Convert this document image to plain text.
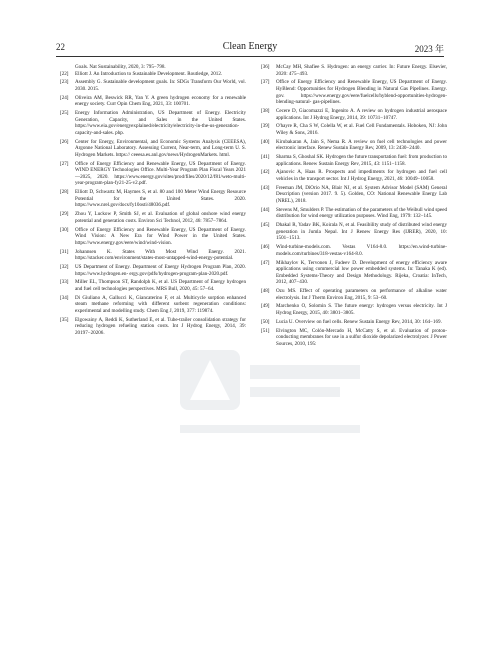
22	Clean Energy	2023 年
Goals. Nat Sustainability, 2020, 3: 795−798.
[22]	Elliott J. An Introduction to Sustainable Development. Routledge, 2012.
[23]	Assembly G. Sustainable development goals. In: SDGs Transform Our World, vol. 2030. 2015.
[24]	Oliveira AM, Beswick RR, Yan Y. A green hydrogen economy for a renewable energy society. Curr Opin Chem Eng, 2021, 33: 100701.
[25]	Energy Information Administration, US Department of Energy. Electricity Generation, Capacity, and Sales in the United States. https://www.eia.gov/energyexplained/electricity/electricity-in-the-us-generation-capacity-and-sales. php.
[26]	Center for Energy, Environmental, and Economic Systems Analysis (CEEESA), Argonne National Laboratory. Assessing Current, Near-term, and Long-term U. S. Hydrogen Markets. https:// ceeesa.es.anl.gov/news/HydrogenMarkets. html.
[27]	Office of Energy Efficiency and Renewable Energy, US Department of Energy. WIND ENERGY Technologies Office. Multi-Year Program Plan Fiscal Years 2021—2025, 2020. https://www.energy.gov/sites/prod/files/2020/12/f81/weto-multi-year-program-plan-fy21-25-v2.pdf.
[28]	Elliott D, Schwartz M, Haymes S, et al. 80 and 100 Meter Wind Energy Resource Potential for the United States. 2020. https://www.nrel.gov/docs/fy10osti/48036.pdf.
[29]	Zhou Y, Luckow P, Smith SJ, et al. Evaluation of global onshore wind energy potential and generation costs. Environ Sci Technol, 2012, 46: 7857−7864.
[30]	Office of Energy Efficiency and Renewable Energy, US Department of Energy. Wind Vision: A New Era for Wind Power in the United States. https://www.energy.gov/eere/wind/wind-vision.
[31]	Johannsen K. States With Most Wind Energy. 2021. https://stacker.com/environment/states-most-untapped-wind-energy-potential.
[32]	US Department of Energy. Department of Energy Hydrogen Program Plan, 2020. https://www.hydrogen.en- ergy.gov/pdfs/hydrogen-program-plan-2020.pdf.
[33]	Miller EL, Thompson ST, Randolph K, et al. US Department of Energy hydrogen and fuel cell technologies perspectives. MRS Bull, 2020, 45: 57−64.
[34]	Di Giuliano A, Gallucci K, Giancaterino F, et al. Multicycle sorption enhanced steam methane reforming with different sorbent regeneration conditions: experimental and modelling study. Chem Eng J, 2019, 377: 119874.
[35]	Elgowainy A, Reddi K, Sutherland E, et al. Tube-trailer consolidation strategy for reducing hydrogen refueling station costs. Int J Hydrog Energy, 2014, 39: 20197−20206.
[36]	McCay MH, Shafiee S. Hydrogen: an energy carrier. In: Future Energy. Elsevier, 2020: 475−493.
[37]	Office of Energy Efficiency and Renewable Energy, US Department of Energy. HyBlend: Opportunities for Hydrogen Blending in Natural Gas Pipelines. Energy. gov. https://www.energy.gov/eere/fuelcells/hyblend-opportunities-hydrogen-blending-natural- gas-pipelines.
[38]	Cecere D, Giacomazzi E, Ingenito A. A review on hydrogen industrial aerospace applications. Int J Hydrog Energy, 2014, 39: 10731−10747.
[39]	O'hayre R, Cha S W, Colella W, et al. Fuel Cell Fundamentals. Hoboken, NJ: John Wiley & Sons, 2016.
[40]	Kirubakaran A, Jain S, Nema R. A review on fuel cell technologies and power electronic interface. Renew Sustain Energy Rev, 2009, 13: 2430−2440.
[41]	Sharma S, Ghoshal SK. Hydrogen the future transportation fuel: from production to applications. Renew Sustain Energy Rev, 2015, 43: 1151−1158.
[42]	Ajanovic A, Haas R. Prospects and impediments for hydrogen and fuel cell vehicles in the transport sector. Int J Hydrog Energy, 2021, 46: 10049−10058.
[43]	Freeman JM, DiOrio NA, Blair NJ, et al. System Advisor Model (SAM) General Description (version 2017. 9. 5). Golden, CO: National Renewable Energy Lab (NREL), 2018.
[44]	Stevens M, Smulders P. The estimation of the parameters of the Weibull wind speed distribution for wind energy utilization purposes. Wind Eng, 1979: 132−145.
[45]	Dhakal R, Yadav BK, Koirala N, et al. Feasibility study of distributed wind energy generation in Jumla Nepal. Int J Renew Energy Res (IJRER), 2020, 10: 1501−1513.
[46]	Wind-turbine-models.com. Vestas V164-8.0. https://en.wind-turbine-models.com/turbines/318-vestas-v164-8.0.
[47]	Mikhaylov K, Tervonen J, Fadeev D. Development of energy efficiency aware applications using commercial low power embedded systems. In: Tanaka K (ed). Embedded Systems-Theory and Design Methodology. Rijeka, Croatia: InTech, 2012, 407−430.
[48]	Ozu MS. Effect of operating parameters on performance of alkaline water electrolysis. Int J Therm Environ Eng, 2015, 9: 53−60.
[49]	Marchenko O, Solomin S. The future energy: hydrogen versus electricity. Int J Hydrog Energy, 2015, 40: 3801−3805.
[50]	Lucia U. Overview on fuel cells. Renew Sustain Energy Rev, 2014, 30: 164−169.
[51]	Elvington MC, Colón-Mercado H, McCatty S, et al. Evaluation of proton-conducting membranes for use in a sulfur dioxide depolarized electrolyzer. J Power Sources, 2010, 195:
